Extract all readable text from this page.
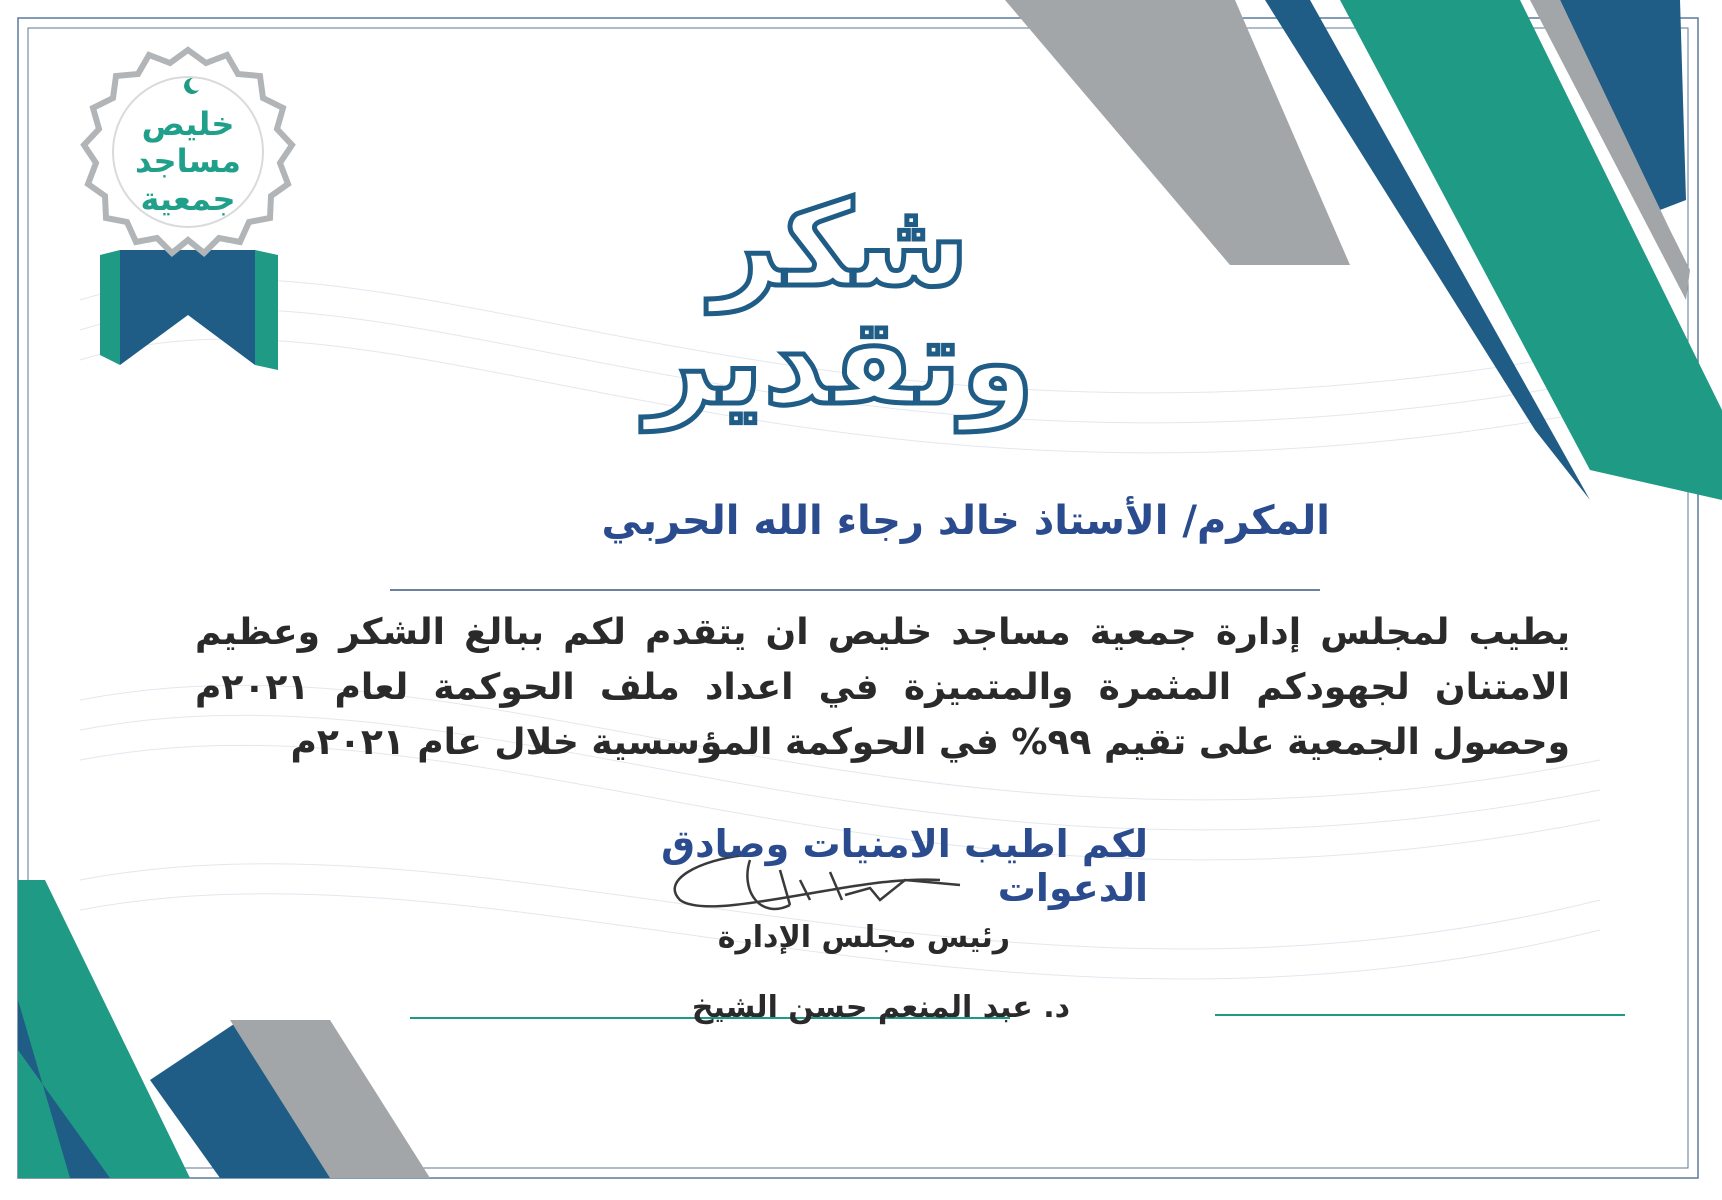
خليص
مساجد
جمعية	شكر وتقدير
المكرم/ الأستاذ خالد رجاء الله الحربي
يطيب لمجلس إدارة جمعية مساجد خليص ان يتقدم لكم ببالغ الشكر وعظيم الامتنان لجهودكم المثمرة والمتميزة في اعداد ملف الحوكمة لعام ٢٠٢١م وحصول الجمعية على تقيم ٩٩% في الحوكمة المؤسسية خلال عام ٢٠٢١م
لكم اطيب الامنيات وصادق الدعوات
رئيس مجلس الإدارة
د. عبد المنعم حسن الشيخ
